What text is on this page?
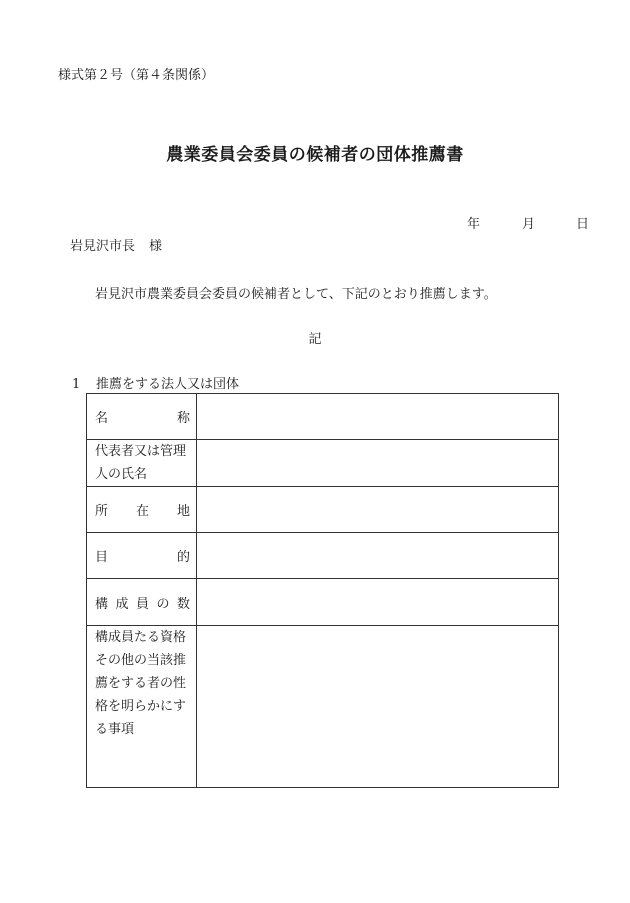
様式第２号（第４条関係）
農業委員会委員の候補者の団体推薦書
年	月	日
岩見沢市長 様
岩見沢市農業委員会委員の候補者として、下記のとおり推薦します。
記
1 推薦をする法人又は団体
名 称	

代表者又は管理人の氏名	

所 在 地	

目 的	

構 成 員 の 数	

構成員たる資格その他の当該推薦をする者の性格を明らかにする事項	
